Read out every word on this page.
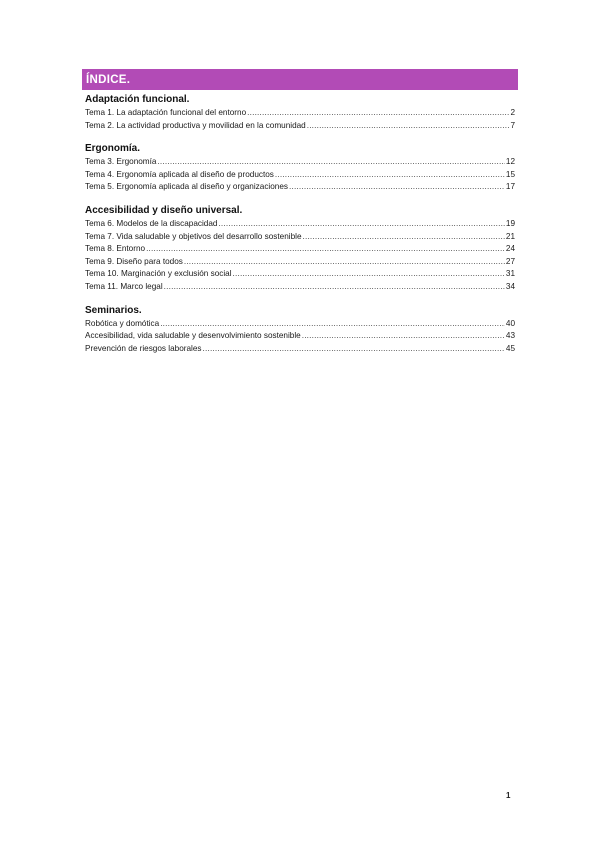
ÍNDICE.
Adaptación funcional.
Tema 1. La adaptación funcional del entorno .....	2
Tema 2. La actividad productiva y movilidad en la comunidad .....	7
Ergonomía.
Tema 3. Ergonomía .....	12
Tema 4. Ergonomía aplicada al diseño de productos .....	15
Tema 5. Ergonomía aplicada al diseño y organizaciones .....	17
Accesibilidad y diseño universal.
Tema 6. Modelos de la discapacidad .....	19
Tema 7. Vida saludable y objetivos del desarrollo sostenible .....	21
Tema 8. Entorno .....	24
Tema 9. Diseño para todos .....	27
Tema 10. Marginación y exclusión social .....	31
Tema 11. Marco legal .....	34
Seminarios.
Robótica y domótica .....	40
Accesibilidad, vida saludable y desenvolvimiento sostenible .....	43
Prevención de riesgos laborales .....	45
1
